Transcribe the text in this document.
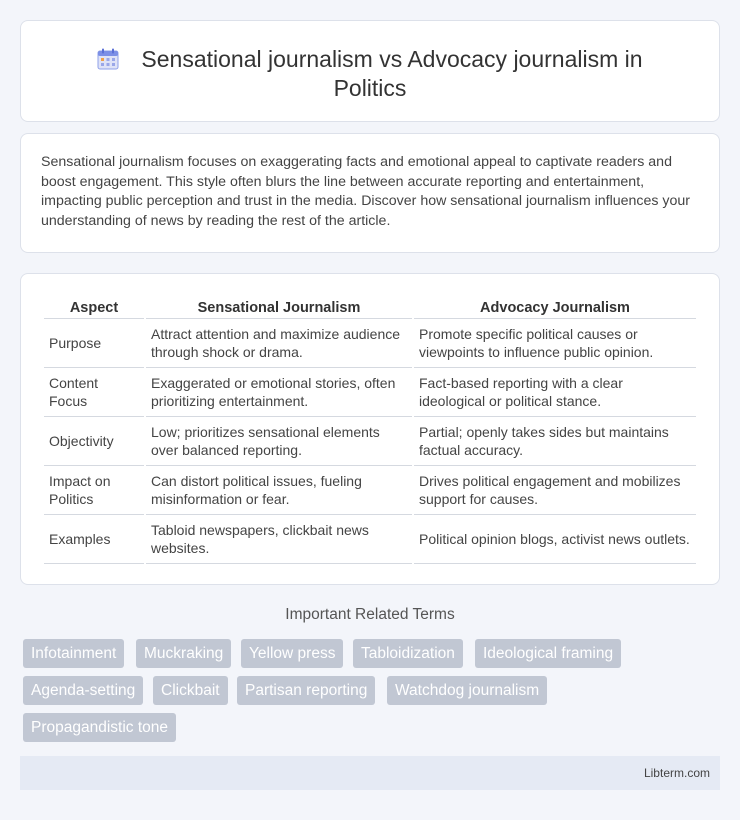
Sensational journalism vs Advocacy journalism in Politics

Sensational journalism focuses on exaggerating facts and emotional appeal to captivate readers and boost engagement. This style often blurs the line between accurate reporting and entertainment, impacting public perception and trust in the media. Discover how sensational journalism influences your understanding of news by reading the rest of the article.

Aspect	Sensational Journalism	Advocacy Journalism
Purpose	Attract attention and maximize audience through shock or drama.	Promote specific political causes or viewpoints to influence public opinion.
Content Focus	Exaggerated or emotional stories, often prioritizing entertainment.	Fact-based reporting with a clear ideological or political stance.
Objectivity	Low; prioritizes sensational elements over balanced reporting.	Partial; openly takes sides but maintains factual accuracy.
Impact on Politics	Can distort political issues, fueling misinformation or fear.	Drives political engagement and mobilizes support for causes.
Examples	Tabloid newspapers, clickbait news websites.	Political opinion blogs, activist news outlets.
Important Related Terms
Infotainment	Muckraking	Yellow press	Tabloidization	Ideological framing
Agenda-setting	Clickbait	Partisan reporting	Watchdog journalism
Propagandistic tone
Libterm.com
